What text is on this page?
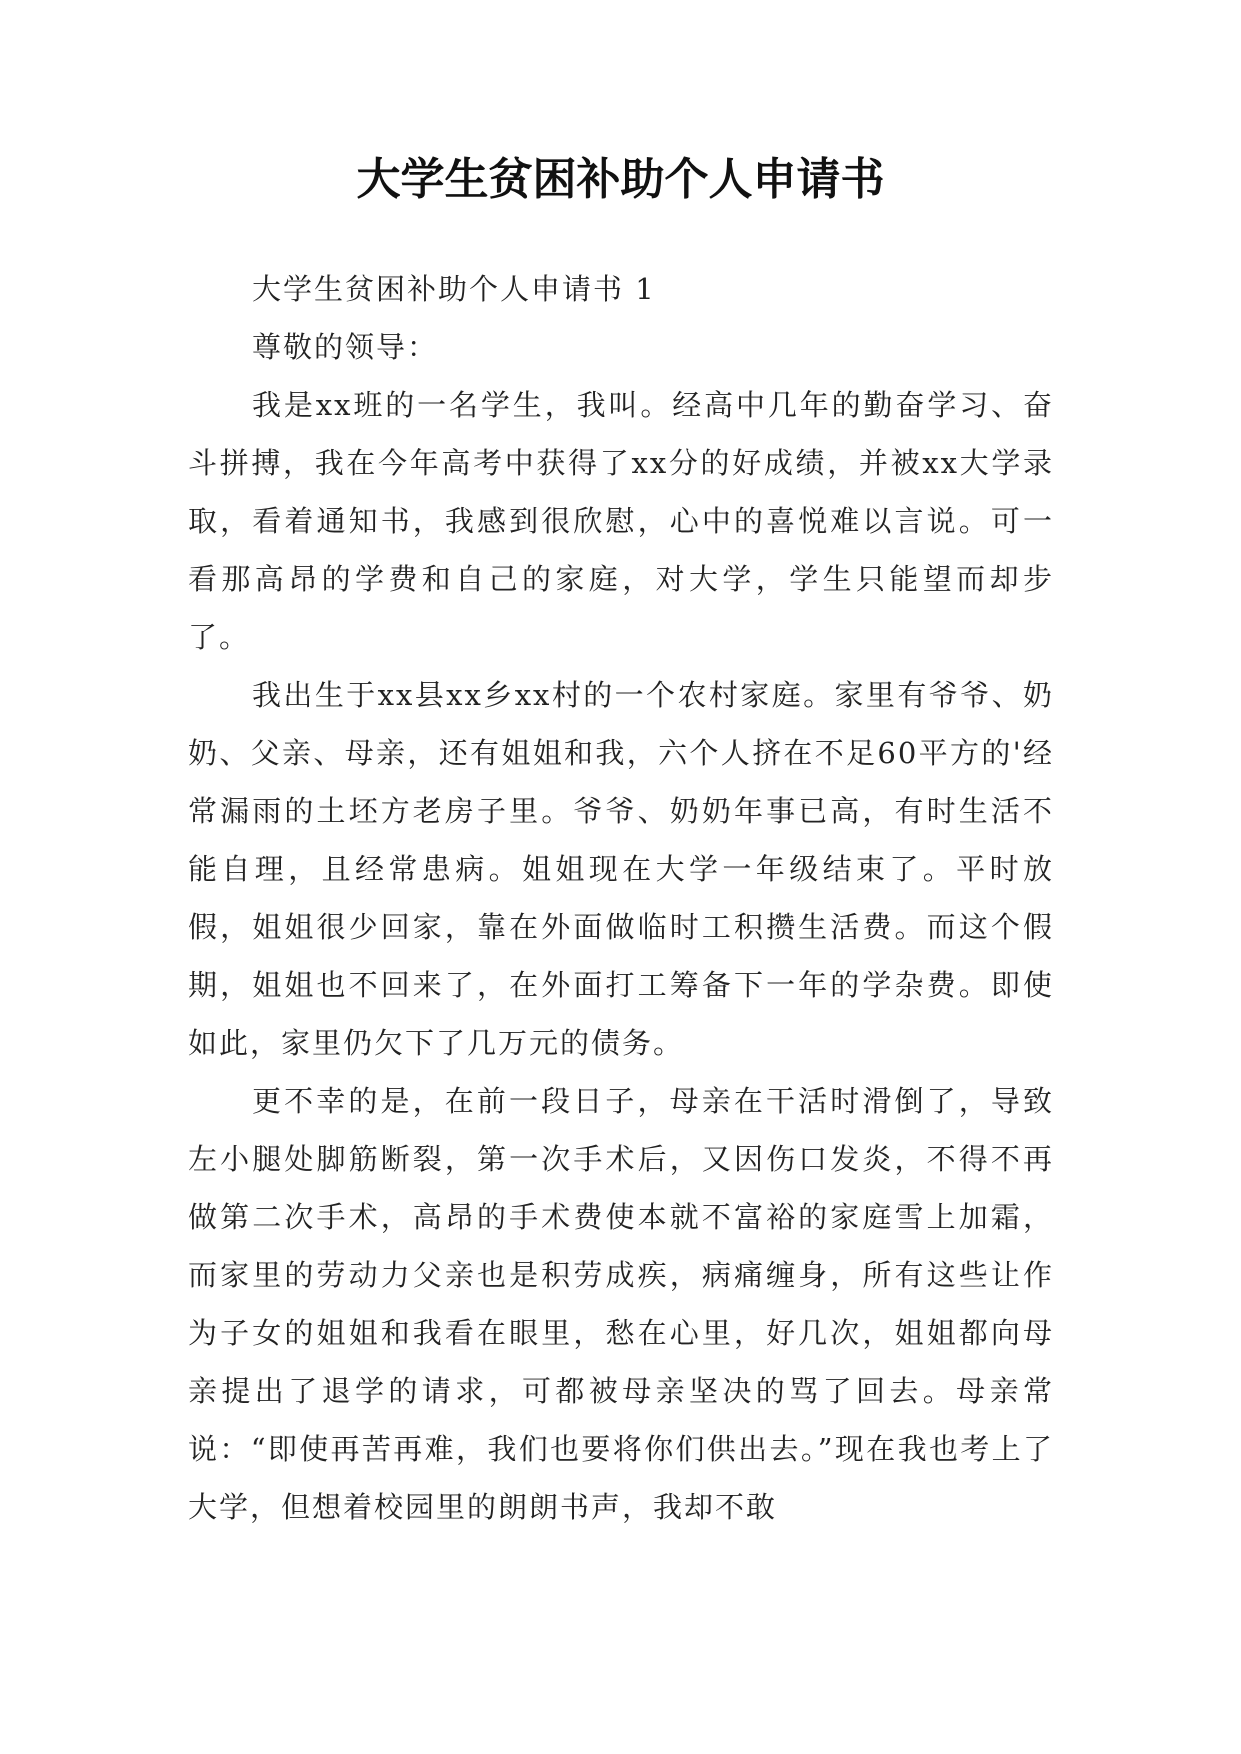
大学生贫困补助个人申请书

大学生贫困补助个人申请书 1

尊敬的领导：

我是xx班的一名学生，我叫。经高中几年的勤奋学习、奋斗拼搏，我在今年高考中获得了xx分的好成绩，并被xx大学录取，看着通知书，我感到很欣慰，心中的喜悦难以言说。可一看那高昂的学费和自己的家庭，对大学，学生只能望而却步了。

我出生于xx县xx乡xx村的一个农村家庭。家里有爷爷、奶奶、父亲、母亲，还有姐姐和我，六个人挤在不足60平方的'经常漏雨的土坯方老房子里。爷爷、奶奶年事已高，有时生活不能自理，且经常患病。姐姐现在大学一年级结束了。平时放假，姐姐很少回家，靠在外面做临时工积攒生活费。而这个假期，姐姐也不回来了，在外面打工筹备下一年的学杂费。即使如此，家里仍欠下了几万元的债务。

更不幸的是，在前一段日子，母亲在干活时滑倒了，导致左小腿处脚筋断裂，第一次手术后，又因伤口发炎，不得不再做第二次手术，高昂的手术费使本就不富裕的家庭雪上加霜，而家里的劳动力父亲也是积劳成疾，病痛缠身，所有这些让作为子女的姐姐和我看在眼里，愁在心里，好几次，姐姐都向母亲提出了退学的请求，可都被母亲坚决的骂了回去。母亲常说：“即使再苦再难，我们也要将你们供出去。”现在我也考上了大学，但想着校园里的朗朗书声，我却不敢
